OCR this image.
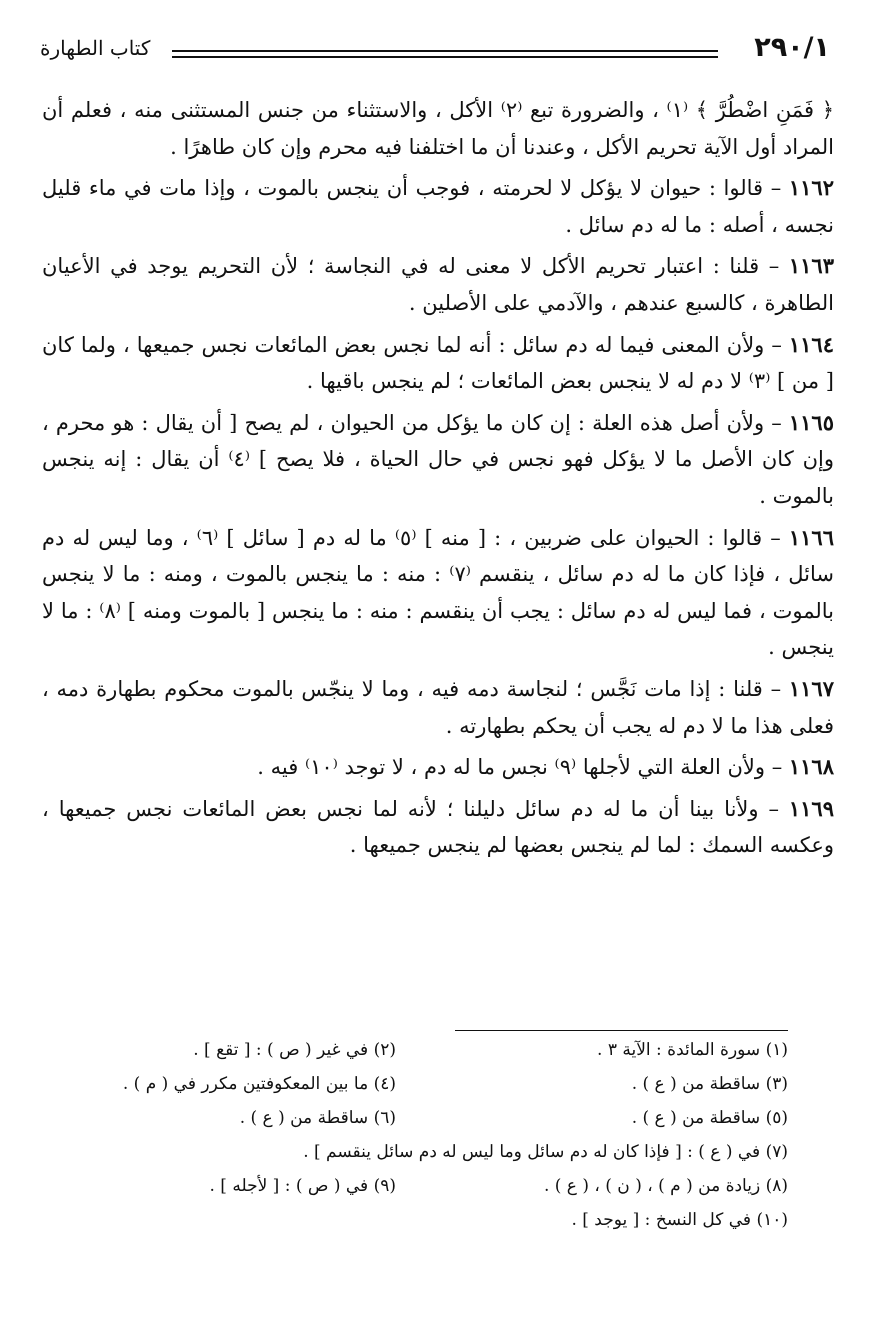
٢٩٠/١
كتاب الطهارة

﴿ فَمَنِ اضْطُرَّ ﴾ ⁽١⁾ ، والضرورة تبع ⁽٢⁾ الأكل ، والاستثناء من جنس المستثنى منه ، فعلم أن المراد أول الآية تحريم الأكل ، وعندنا أن ما اختلفنا فيه محرم وإن كان طاهرًا .

١١٦٢ – قالوا : حيوان لا يؤكل لا لحرمته ، فوجب أن ينجس بالموت ، وإذا مات في ماء قليل نجسه ، أصله : ما له دم سائل .

١١٦٣ – قلنا : اعتبار تحريم الأكل لا معنى له في النجاسة ؛ لأن التحريم يوجد في الأعيان الطاهرة ، كالسبع عندهم ، والآدمي على الأصلين .

١١٦٤ – ولأن المعنى فيما له دم سائل : أنه لما نجس بعض المائعات نجس جميعها ، ولما كان [ من ] ⁽٣⁾ لا دم له لا ينجس بعض المائعات ؛ لم ينجس باقيها .

١١٦٥ – ولأن أصل هذه العلة : إن كان ما يؤكل من الحيوان ، لم يصح [ أن يقال : هو محرم ، وإن كان الأصل ما لا يؤكل فهو نجس في حال الحياة ، فلا يصح ] ⁽٤⁾ أن يقال : إنه ينجس بالموت .

١١٦٦ – قالوا : الحيوان على ضربين ، : [ منه ] ⁽٥⁾ ما له دم [ سائل ] ⁽٦⁾ ، وما ليس له دم سائل ، فإذا كان ما له دم سائل ، ينقسم ⁽٧⁾ : منه : ما ينجس بالموت ، ومنه : ما لا ينجس بالموت ، فما ليس له دم سائل : يجب أن ينقسم : منه : ما ينجس [ بالموت ومنه ] ⁽٨⁾ : ما لا ينجس .

١١٦٧ – قلنا : إذا مات نَجَّس ؛ لنجاسة دمه فيه ، وما لا ينجّس بالموت محكوم بطهارة دمه ، فعلى هذا ما لا دم له يجب أن يحكم بطهارته .

١١٦٨ – ولأن العلة التي لأجلها ⁽٩⁾ نجس ما له دم ، لا توجد ⁽١٠⁾ فيه .

١١٦٩ – ولأنا بينا أن ما له دم سائل دليلنا ؛ لأنه لما نجس بعض المائعات نجس جميعها ، وعكسه السمك : لما لم ينجس بعضها لم ينجس جميعها .

(١) سورة المائدة : الآية ٣ .
(٢) في غير ( ص ) : [ تقع ] .
(٣) ساقطة من ( ع ) .
(٤) ما بين المعكوفتين مكرر في ( م ) .
(٥) ساقطة من ( ع ) .
(٦) ساقطة من ( ع ) .
(٧) في ( ع ) : [ فإذا كان له دم سائل وما ليس له دم سائل ينقسم ] .
(٨) زيادة من ( م ) ، ( ن ) ، ( ع ) .
(٩) في ( ص ) : [ لأجله ] .
(١٠) في كل النسخ : [ يوجد ] .
